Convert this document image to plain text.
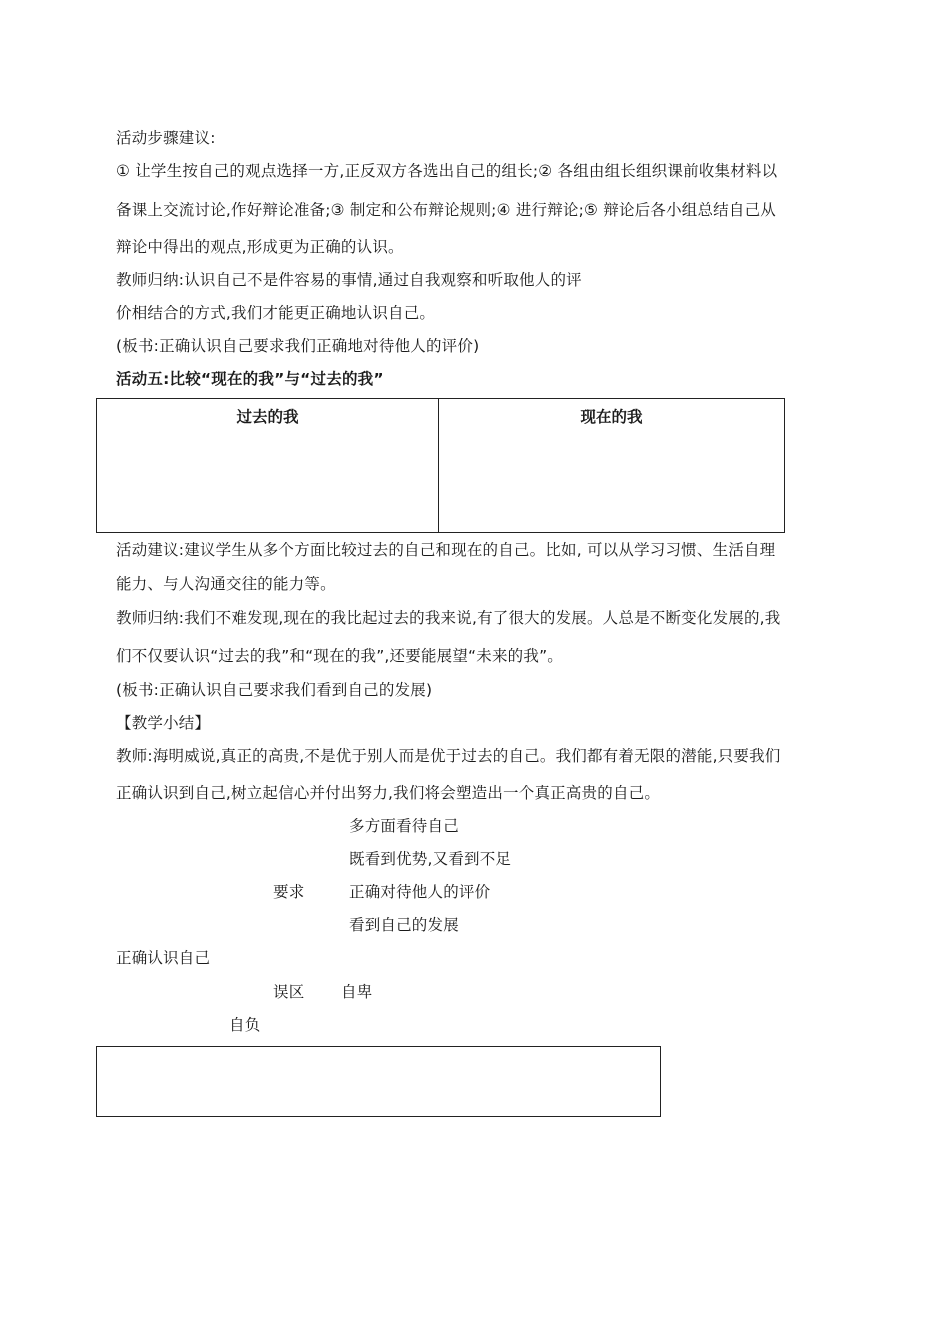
活动步骤建议:
① 让学生按自己的观点选择一方,正反双方各选出自己的组长;② 各组由组长组织课前收集材料以
备课上交流讨论,作好辩论准备;③ 制定和公布辩论规则;④ 进行辩论;⑤ 辩论后各小组总结自己从
辩论中得出的观点,形成更为正确的认识。
教师归纳:认识自己不是件容易的事情,通过自我观察和听取他人的评
价相结合的方式,我们才能更正确地认识自己。
(板书:正确认识自己要求我们正确地对待他人的评价)
活动五:比较“现在的我”与“过去的我”
过去的我	现在的我
活动建议:建议学生从多个方面比较过去的自己和现在的自己。比如, 可以从学习习惯、生活自理
能力、与人沟通交往的能力等。
教师归纳:我们不难发现,现在的我比起过去的我来说,有了很大的发展。人总是不断变化发展的,我
们不仅要认识“过去的我”和“现在的我”,还要能展望“未来的我”。
(板书:正确认识自己要求我们看到自己的发展)
【教学小结】
教师:海明威说,真正的高贵,不是优于别人而是优于过去的自己。我们都有着无限的潜能,只要我们
正确认识到自己,树立起信心并付出努力,我们将会塑造出一个真正高贵的自己。
多方面看待自己
既看到优势,又看到不足
要求	正确对待他人的评价
看到自己的发展
正确认识自己
误区 自卑
自负
